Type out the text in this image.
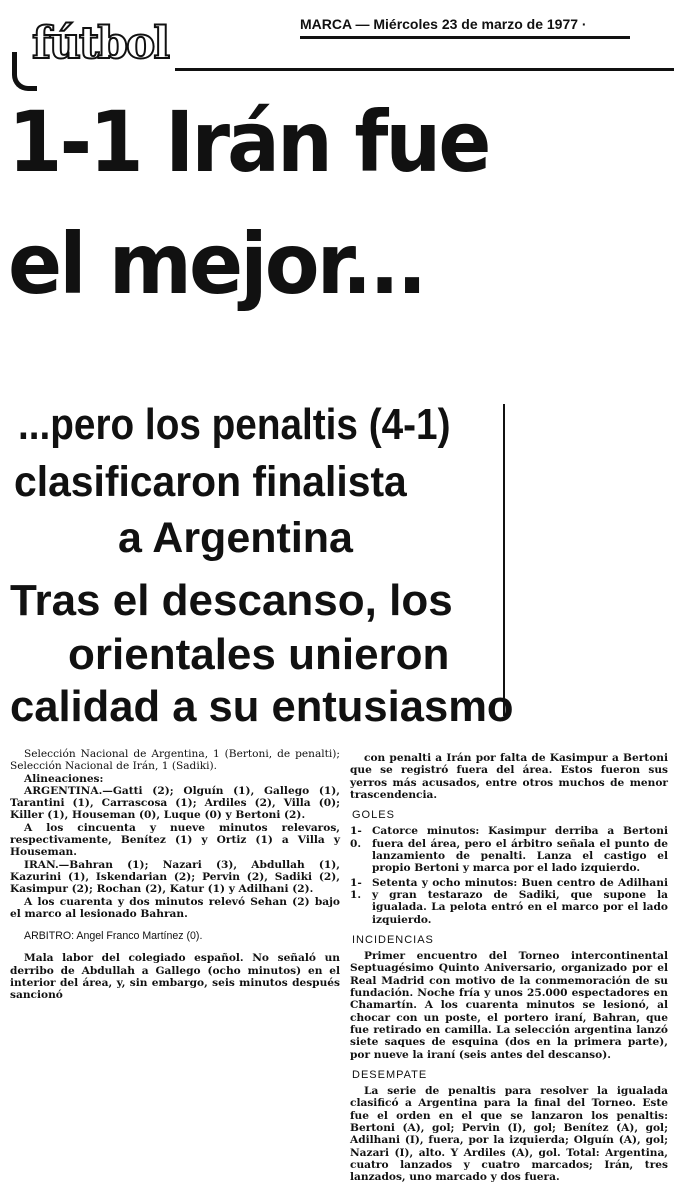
fútbol	MARCA — Miércoles 23 de marzo de 1977 ·
1-1 Irán fue
el mejor...
...pero los penaltis (4-1)
clasificaron finalista
a Argentina
Tras el descanso, los
orientales unieron
calidad a su entusiasmo

Selección Nacional de Argentina, 1 (Bertoni, de penalti); Selección Nacional de Irán, 1 (Sadiki).

Alineaciones:

ARGENTINA.—Gatti (2); Olguín (1), Gallego (1), Tarantini (1), Carrascosa (1); Ardiles (2), Villa (0); Killer (1), Houseman (0), Luque (0) y Bertoni (2).

A los cincuenta y nueve minutos relevaros, respectivamente, Benítez (1) y Ortiz (1) a Villa y Houseman.

IRAN.—Bahran (1); Nazari (3), Abdullah (1), Kazurini (1), Iskendarian (2); Pervin (2), Sadiki (2), Kasimpur (2); Rochan (2), Katur (1) y Adilhani (2).

A los cuarenta y dos minutos relevó Sehan (2) bajo el marco al lesionado Bahran.

ARBITRO: Angel Franco Martínez (0).

Mala labor del colegiado español. No señaló un derribo de Abdullah a Gallego (ocho minutos) en el interior del área, y, sin embargo, seis minutos después sancionó

con penalti a Irán por falta de Kasimpur a Bertoni que se registró fuera del área. Estos fueron sus yerros más acusados, entre otros muchos de menor trascendencia.

GOLES
1-0.
Catorce minutos: Kasimpur derriba a Bertoni fuera del área, pero el árbitro señala el punto de lanzamiento de penalti. Lanza el castigo el propio Bertoni y marca por el lado izquierdo.
1-1.
Setenta y ocho minutos: Buen centro de Adilhani y gran testarazo de Sadiki, que supone la igualada. La pelota entró en el marco por el lado izquierdo.
INCIDENCIAS

Primer encuentro del Torneo intercontinental Septuagésimo Quinto Aniversario, organizado por el Real Madrid con motivo de la conmemoración de su fundación. Noche fría y unos 25.000 espectadores en Chamartín. A los cuarenta minutos se lesionó, al chocar con un poste, el portero iraní, Bahran, que fue retirado en camilla. La selección argentina lanzó siete saques de esquina (dos en la primera parte), por nueve la iraní (seis antes del descanso).

DESEMPATE

La serie de penaltis para resolver la igualada clasificó a Argentina para la final del Torneo. Este fue el orden en el que se lanzaron los penaltis: Bertoni (A), gol; Pervin (I), gol; Benítez (A), gol; Adilhani (I), fuera, por la izquierda; Olguín (A), gol; Nazari (I), alto. Y Ardiles (A), gol. Total: Argentina, cuatro lanzados y cuatro marcados; Irán, tres lanzados, uno marcado y dos fuera.
